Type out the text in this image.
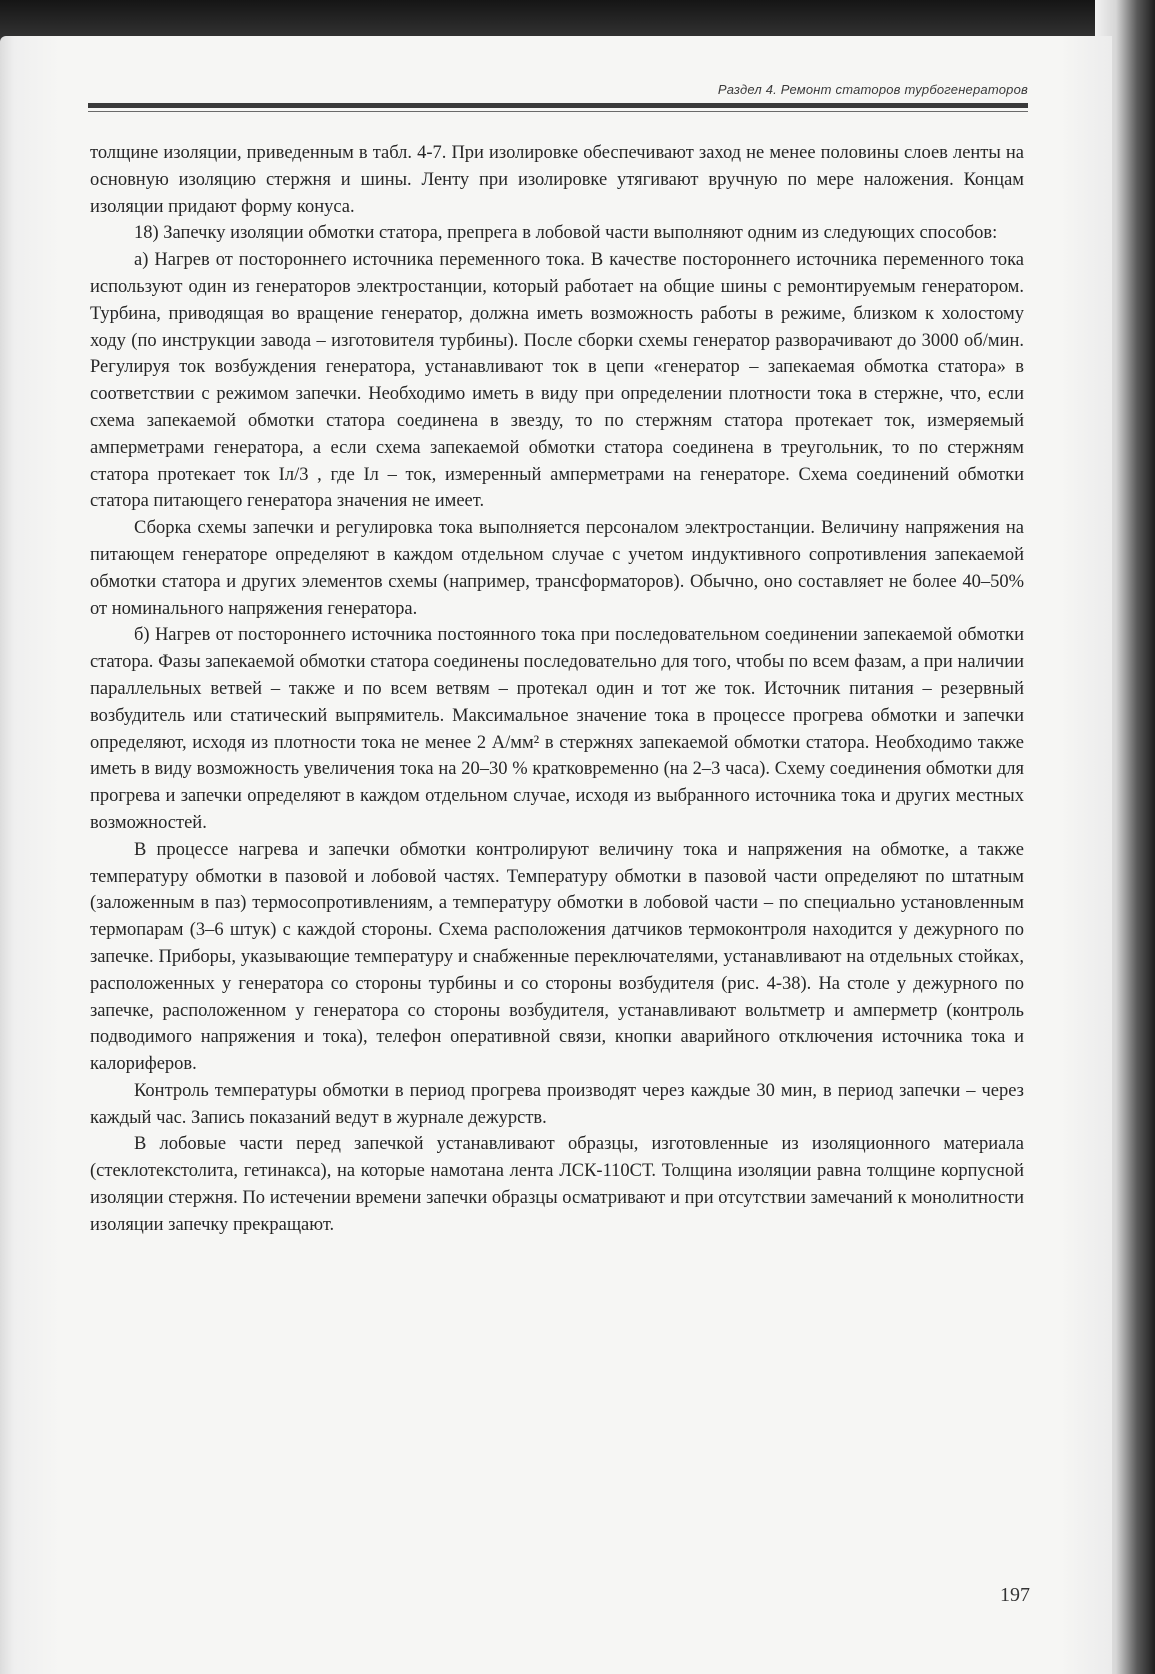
Раздел 4. Ремонт статоров турбогенераторов

толщине изоляции, приведенным в табл. 4-7. При изолировке обеспечивают заход не менее половины слоев ленты на основную изоляцию стержня и шины. Ленту при изолировке утягивают вручную по мере наложения. Концам изоляции придают форму конуса.

18) Запечку изоляции обмотки статора, препрега в лобовой части выполняют одним из следующих способов:

а) Нагрев от постороннего источника переменного тока. В качестве постороннего источника переменного тока используют один из генераторов электростанции, который работает на общие шины с ремонтируемым генератором. Турбина, приводящая во вращение генератор, должна иметь возможность работы в режиме, близком к холостому ходу (по инструкции завода – изготовителя турбины). После сборки схемы генератор разворачивают до 3000 об/мин. Регулируя ток возбуждения генератора, устанавливают ток в цепи «генератор – запекаемая обмотка статора» в соответствии с режимом запечки. Необходимо иметь в виду при определении плотности тока в стержне, что, если схема запекаемой обмотки статора соединена в звезду, то по стержням статора протекает ток, измеряемый амперметрами генератора, а если схема запекаемой обмотки статора соединена в треугольник, то по стержням статора протекает ток Iл/3 , где Iл – ток, измеренный амперметрами на генераторе. Схема соединений обмотки статора питающего генератора значения не имеет.

Сборка схемы запечки и регулировка тока выполняется персоналом электростанции. Величину напряжения на питающем генераторе определяют в каждом отдельном случае с учетом индуктивного сопротивления запекаемой обмотки статора и других элементов схемы (например, трансформаторов). Обычно, оно составляет не более 40–50% от номинального напряжения генератора.

б) Нагрев от постороннего источника постоянного тока при последовательном соединении запекаемой обмотки статора. Фазы запекаемой обмотки статора соединены последовательно для того, чтобы по всем фазам, а при наличии параллельных ветвей – также и по всем ветвям – протекал один и тот же ток. Источник питания – резервный возбудитель или статический выпрямитель. Максимальное значение тока в процессе прогрева обмотки и запечки определяют, исходя из плотности тока не менее 2 А/мм² в стержнях запекаемой обмотки статора. Необходимо также иметь в виду возможность увеличения тока на 20–30 % кратковременно (на 2–3 часа). Схему соединения обмотки для прогрева и запечки определяют в каждом отдельном случае, исходя из выбранного источника тока и других местных возможностей.

В процессе нагрева и запечки обмотки контролируют величину тока и напряжения на обмотке, а также температуру обмотки в пазовой и лобовой частях. Температуру обмотки в пазовой части определяют по штатным (заложенным в паз) термосопротивлениям, а температуру обмотки в лобовой части – по специально установленным термопарам (3–6 штук) с каждой стороны. Схема расположения датчиков термоконтроля находится у дежурного по запечке. Приборы, указывающие температуру и снабженные переключателями, устанавливают на отдельных стойках, расположенных у генератора со стороны турбины и со стороны возбудителя (рис. 4-38). На столе у дежурного по запечке, расположенном у генератора со стороны возбудителя, устанавливают вольтметр и амперметр (контроль подводимого напряжения и тока), телефон оперативной связи, кнопки аварийного отключения источника тока и калориферов.

Контроль температуры обмотки в период прогрева производят через каждые 30 мин, в период запечки – через каждый час. Запись показаний ведут в журнале дежурств.

В лобовые части перед запечкой устанавливают образцы, изготовленные из изоляционного материала (стеклотекстолита, гетинакса), на которые намотана лента ЛСК-110СТ. Толщина изоляции равна толщине корпусной изоляции стержня. По истечении времени запечки образцы осматривают и при отсутствии замечаний к монолитности изоляции запечку прекращают.

197
